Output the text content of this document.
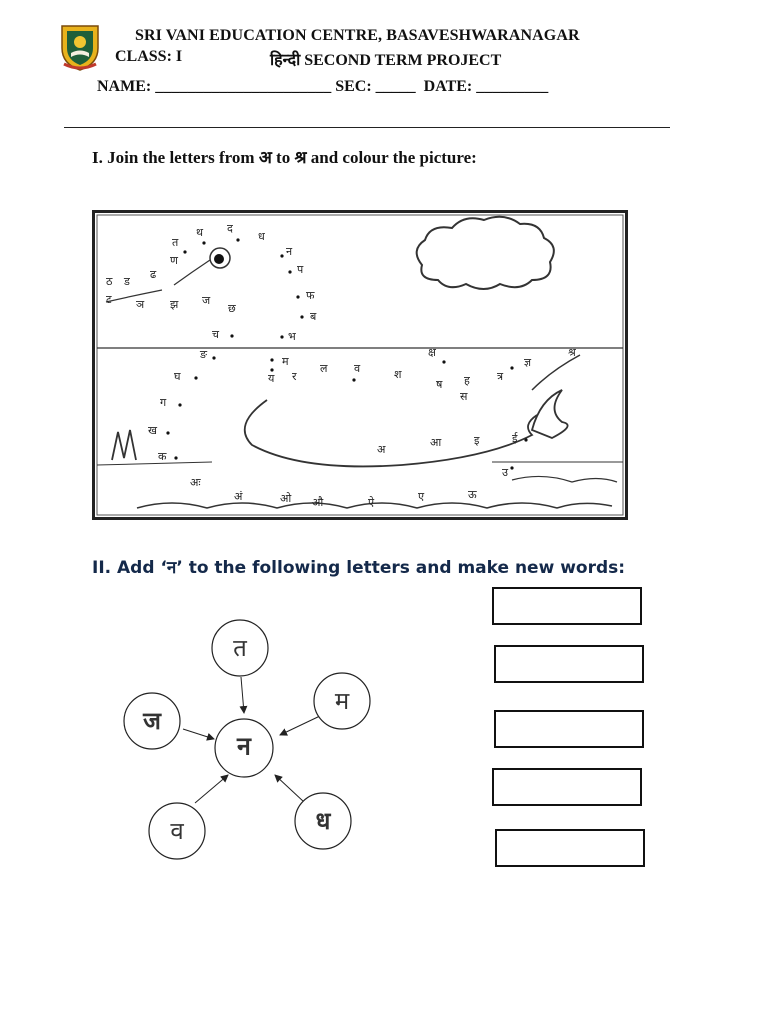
SRI VANI EDUCATION CENTRE, BASAVESHWARANAGAR
CLASS: I	हिन्दी SECOND TERM PROJECT
NAME: ______________________ SEC: _____  DATE: _________
I. Join the letters from अ to श्र and colour the picture:
त
थ द
ध
न
प
फ
ब
भ
म
ण
ढ
ड
ठ
ट ञ झ ज
छ
च
ङ
घ
ग
ख
क
य र
ल व	श
ष
स
ह
क्ष
त्र
ज्ञ
श्र
अ
आ	इ	ई
उ
ऊ
ए
ऐ
औ
ओ
अं
अः
II. Add ‘न’ to the following letters and make new words:
न
त
म
ध
व
ज
